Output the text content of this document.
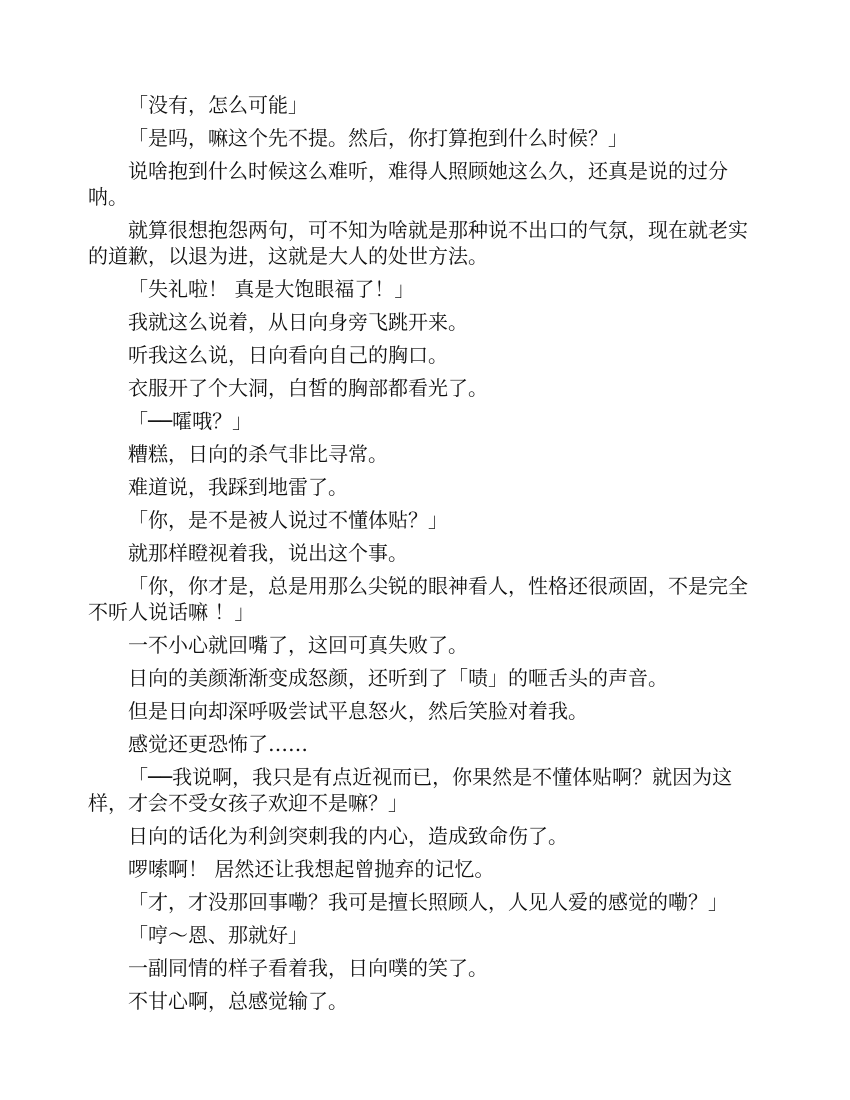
「没有，怎么可能」

「是吗，嘛这个先不提。然后，你打算抱到什么时候？」

说啥抱到什么时候这么难听，难得人照顾她这么久，还真是说的过分呐。

就算很想抱怨两句，可不知为啥就是那种说不出口的气氛，现在就老实的道歉，以退为进，这就是大人的处世方法。

「失礼啦！ 真是大饱眼福了！」

我就这么说着，从日向身旁飞跳开来。

听我这么说，日向看向自己的胸口。

衣服开了个大洞，白皙的胸部都看光了。

「──嚯哦？」

糟糕，日向的杀气非比寻常。

难道说，我踩到地雷了。

「你，是不是被人说过不懂体贴？」

就那样瞪视着我，说出这个事。

「你，你才是，总是用那么尖锐的眼神看人，性格还很顽固，不是完全不听人说话嘛 ！」

一不小心就回嘴了，这回可真失败了。

日向的美颜渐渐变成怒颜，还听到了「啧」的咂舌头的声音。

但是日向却深呼吸尝试平息怒火，然后笑脸对着我。

感觉还更恐怖了……

「──我说啊，我只是有点近视而已，你果然是不懂体贴啊？就因为这样，才会不受女孩子欢迎不是嘛？」

日向的话化为利剑突刺我的内心，造成致命伤了。

啰嗦啊！ 居然还让我想起曾抛弃的记忆。

「才，才没那回事嘞？我可是擅长照顾人，人见人爱的感觉的嘞？」

「哼～恩、那就好」

一副同情的样子看着我，日向噗的笑了。

不甘心啊，总感觉输了。
